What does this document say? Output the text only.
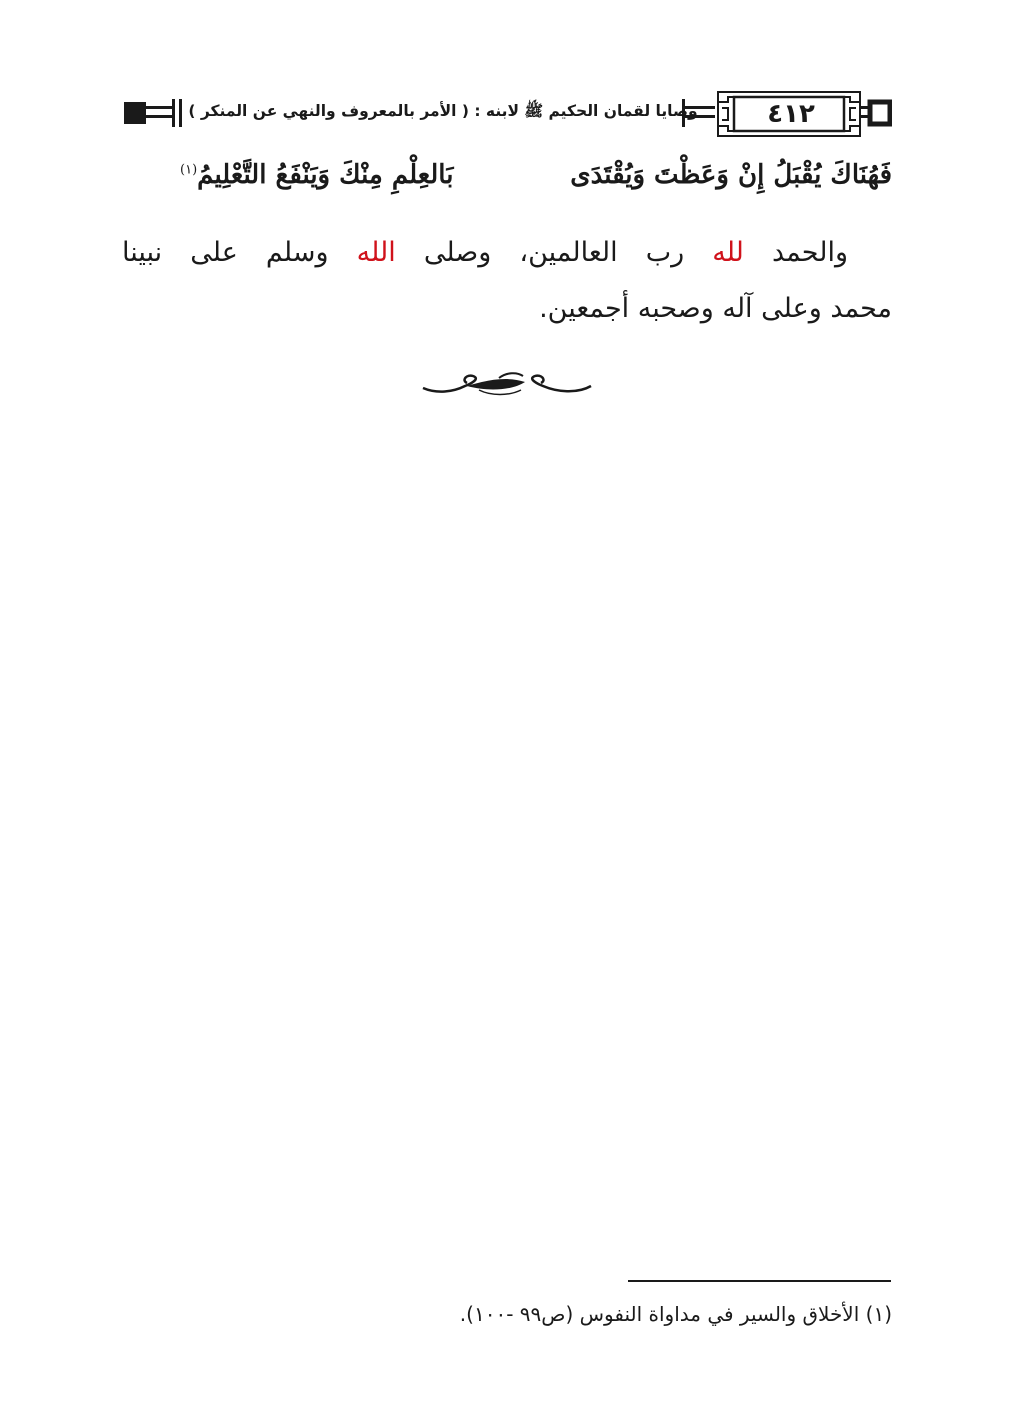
٤١٢
وصايا لقمان الحكيم ﷺ لابنه : ( الأمر بالمعروف والنهي عن المنكر )
فَهُنَاكَ يُقْبَلُ إِنْ وَعَظْتَ وَيُقْتَدَى
بَالعِلْمِ مِنْكَ وَيَنْفَعُ التَّعْلِيمُ$^{(١)}$

والحمد لله رب العالمين، وصلى الله وسلم على نبينا

محمد وعلى آله وصحبه أجمعين.

(١) الأخلاق والسير في مداواة النفوس (ص٩٩ -١٠٠).
